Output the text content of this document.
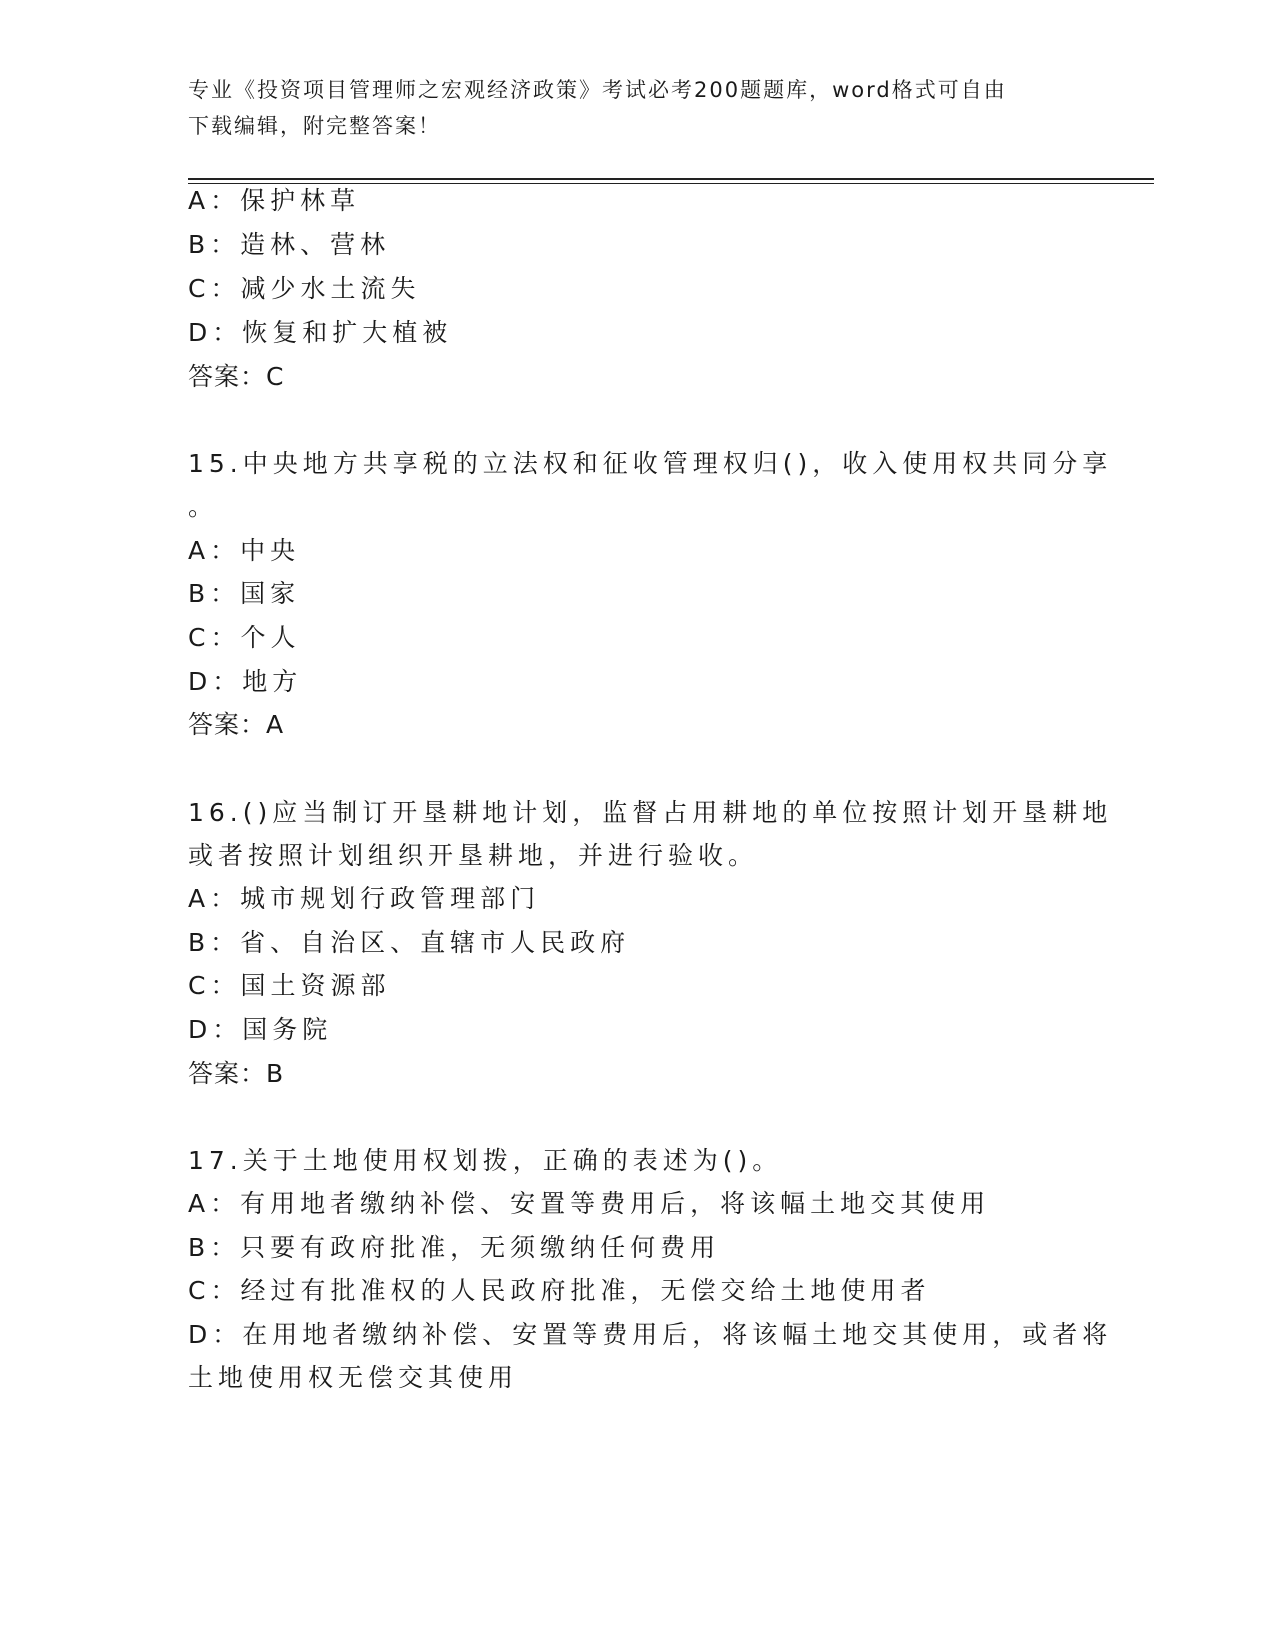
专业《投资项目管理师之宏观经济政策》考试必考200题题库，word格式可自由
下载编辑，附完整答案！
A：保护林草
B：造林、营林
C：减少水土流失
D：恢复和扩大植被
答案：C
15.中央地方共享税的立法权和征收管理权归()，收入使用权共同分享
。
A：中央
B：国家
C：个人
D：地方
答案：A
16.()应当制订开垦耕地计划，监督占用耕地的单位按照计划开垦耕地
或者按照计划组织开垦耕地，并进行验收。
A：城市规划行政管理部门
B：省、自治区、直辖市人民政府
C：国土资源部
D：国务院
答案：B
17.关于土地使用权划拨，正确的表述为()。
A：有用地者缴纳补偿、安置等费用后，将该幅土地交其使用
B：只要有政府批准，无须缴纳任何费用
C：经过有批准权的人民政府批准，无偿交给土地使用者
D：在用地者缴纳补偿、安置等费用后，将该幅土地交其使用，或者将
土地使用权无偿交其使用
